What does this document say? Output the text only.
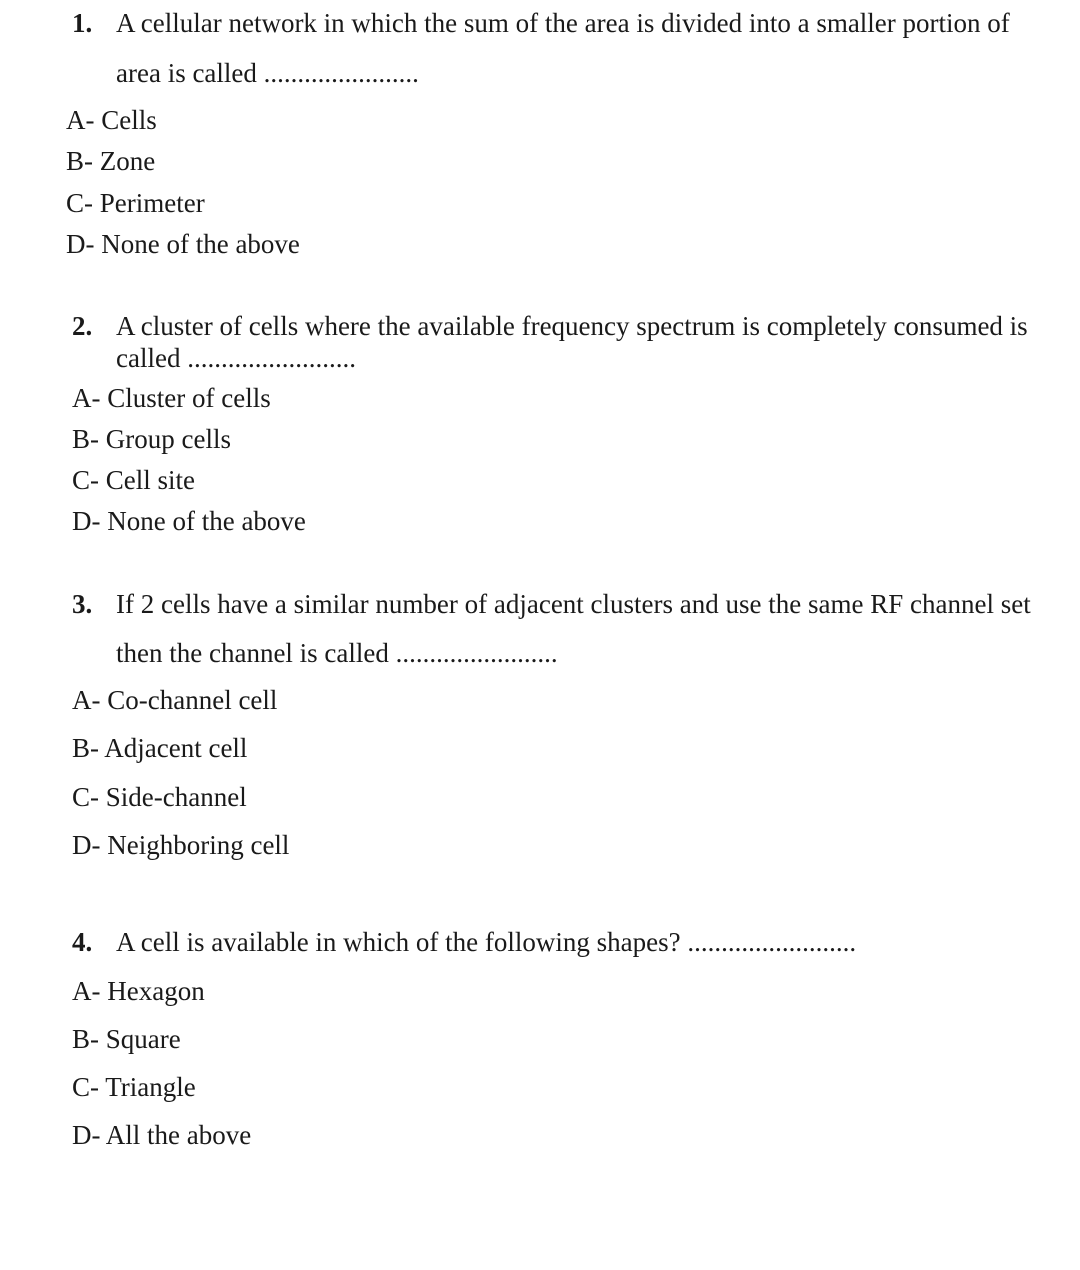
1. A cellular network in which the sum of the area is divided into a smaller portion of
area is called .......................
A- Cells
B- Zone
C- Perimeter
D- None of the above
2. A cluster of cells where the available frequency spectrum is completely consumed is
called .........................
A- Cluster of cells
B- Group cells
C- Cell site
D- None of the above
3. If 2 cells have a similar number of adjacent clusters and use the same RF channel set
then the channel is called ........................
A- Co-channel cell
B- Adjacent cell
C- Side-channel
D- Neighboring cell
4. A cell is available in which of the following shapes? .........................
A- Hexagon
B- Square
C- Triangle
D- All the above
